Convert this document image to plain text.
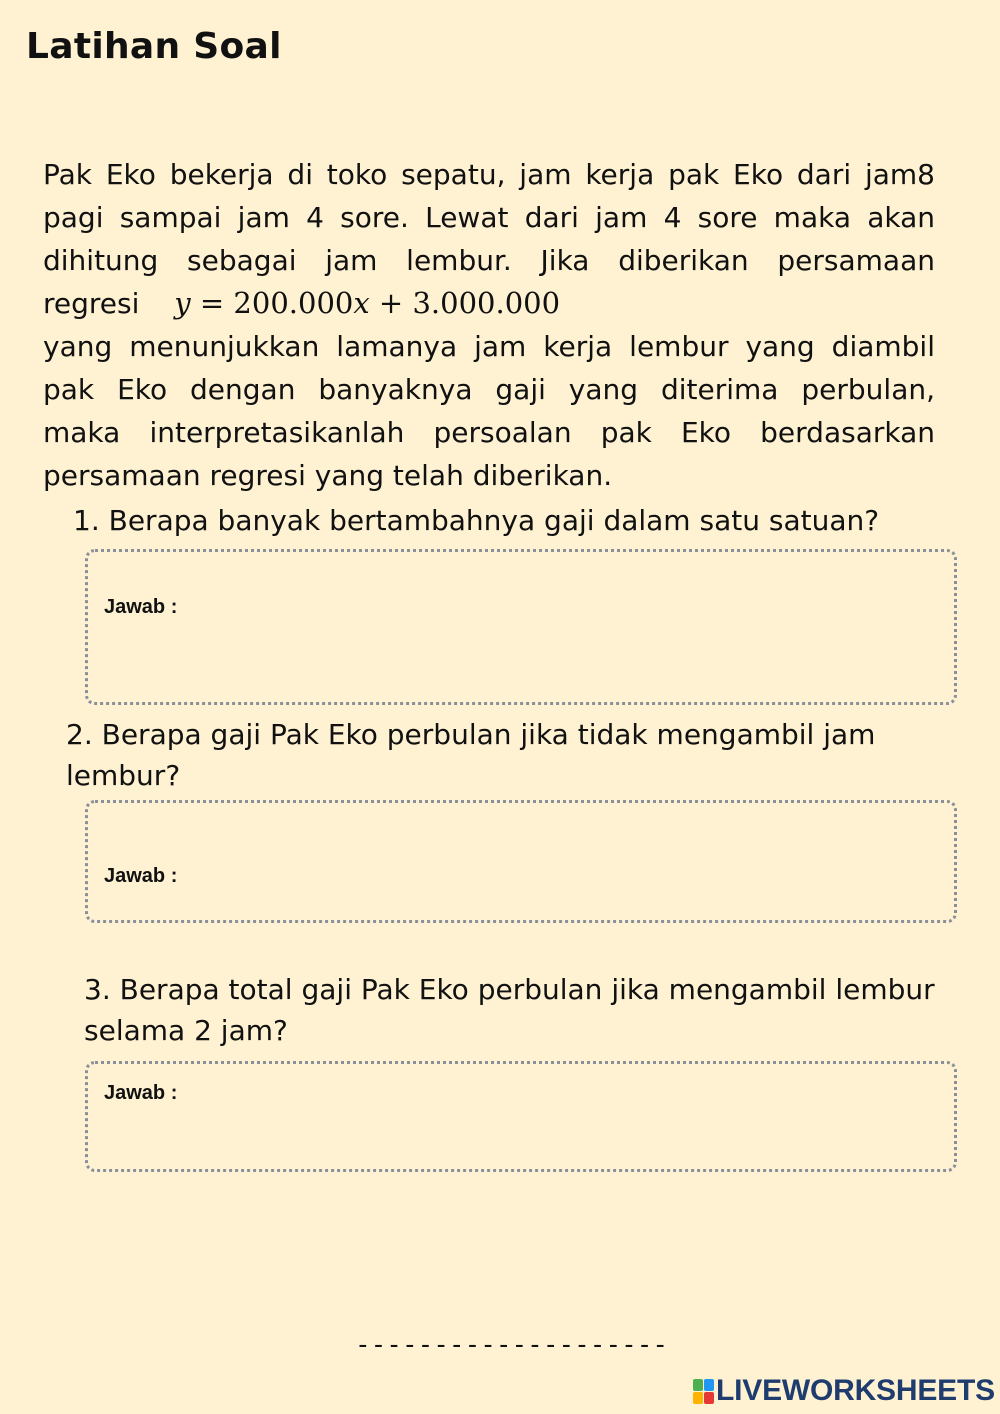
Latihan Soal
Pak Eko bekerja di toko sepatu, jam kerja pak Eko dari jam8
pagi sampai jam 4 sore. Lewat dari jam 4 sore maka akan
dihitung sebagai jam lembur. Jika diberikan persamaan
regresi y = 200.000x + 3.000.000
yang menunjukkan lamanya jam kerja lembur yang diambil
pak Eko dengan banyaknya gaji yang diterima perbulan,
maka interpretasikanlah persoalan pak Eko berdasarkan
persamaan regresi yang telah diberikan.
1. Berapa banyak bertambahnya gaji dalam satu satuan?
Jawab :
2. Berapa gaji Pak Eko perbulan jika tidak mengambil jam
lembur?
Jawab :
3. Berapa total gaji Pak Eko perbulan jika mengambil lembur
selama 2 jam?
Jawab :
--------------------
LIVEWORKSHEETS
